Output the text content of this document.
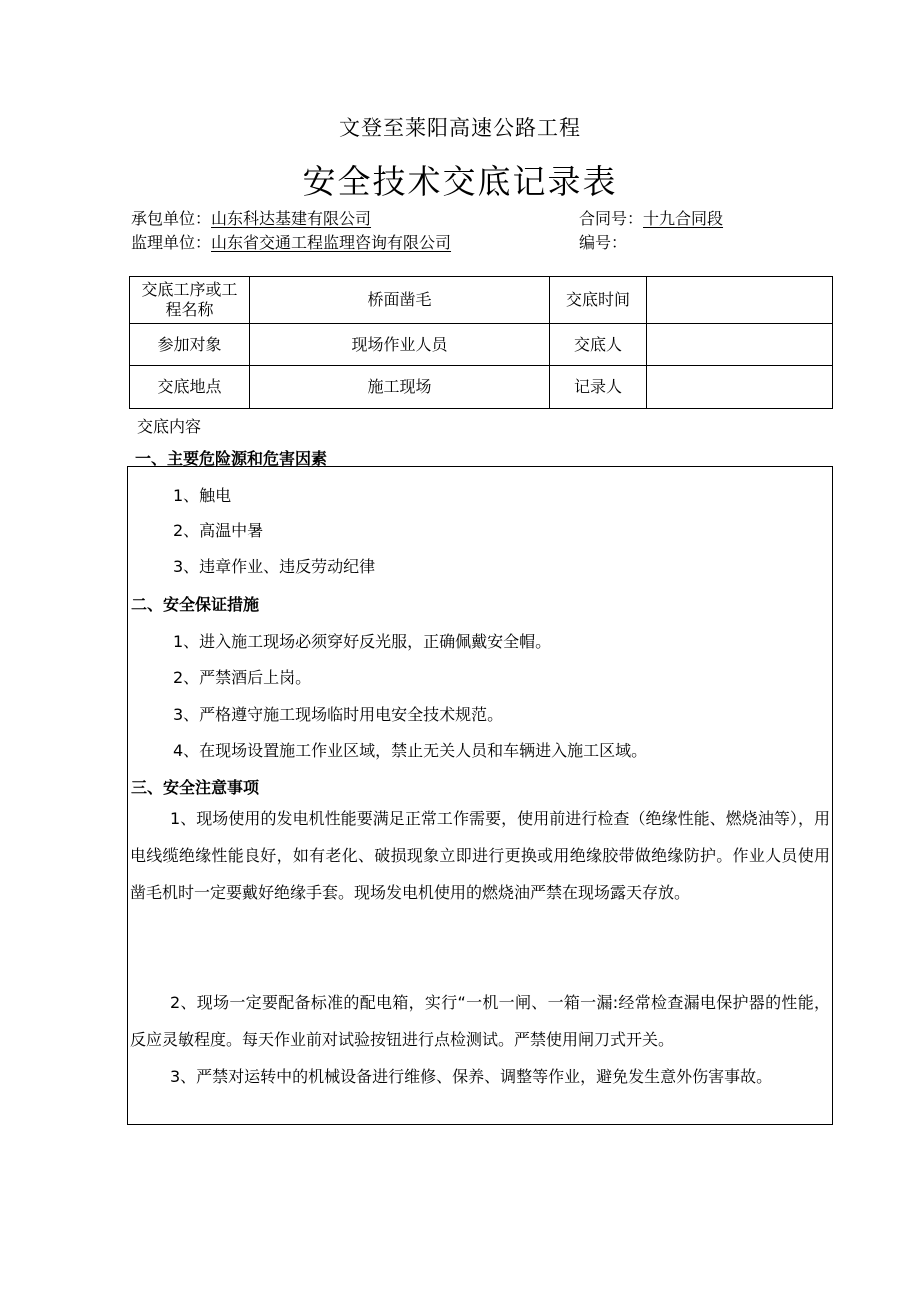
文登至莱阳高速公路工程
安全技术交底记录表
承包单位：山东科达基建有限公司	合同号：十九合同段
监理单位：山东省交通工程监理咨询有限公司	编号：
交底工序或工程名称	桥面凿毛	交底时间	
参加对象	现场作业人员	交底人	
交底地点	施工现场	记录人	
交底内容
一、主要危险源和危害因素
1、触电
2、高温中暑
3、违章作业、违反劳动纪律
二、安全保证措施
1、进入施工现场必须穿好反光服，正确佩戴安全帽。
2、严禁酒后上岗。
3、严格遵守施工现场临时用电安全技术规范。
4、在现场设置施工作业区域，禁止无关人员和车辆进入施工区域。
三、安全注意事项
1、现场使用的发电机性能要满足正常工作需要，使用前进行检查（绝缘性能、燃烧油等），用电线缆绝缘性能良好，如有老化、破损现象立即进行更换或用绝缘胶带做绝缘防护。作业人员使用凿毛机时一定要戴好绝缘手套。现场发电机使用的燃烧油严禁在现场露天存放。
2、现场一定要配备标准的配电箱，实行“一机一闸、一箱一漏:经常检查漏电保护器的性能，反应灵敏程度。每天作业前对试验按钮进行点检测试。严禁使用闸刀式开关。
3、严禁对运转中的机械设备进行维修、保养、调整等作业，避免发生意外伤害事故。
